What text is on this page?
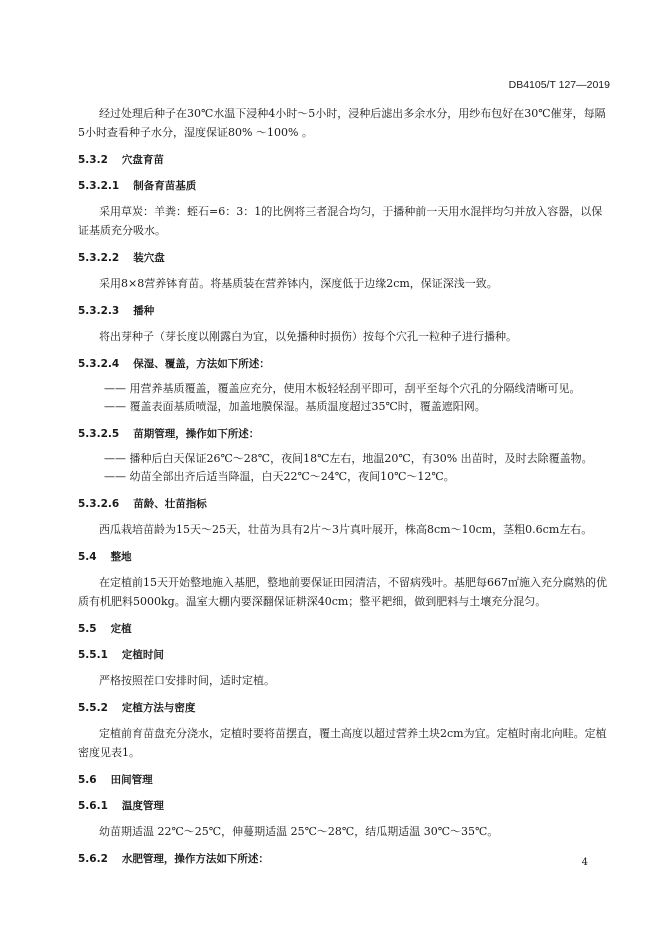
DB4105/T 127—2019

经过处理后种子在30℃水温下浸种4小时～5小时，浸种后滤出多余水分，用纱布包好在30℃催芽，每隔5小时查看种子水分，湿度保证80% ～100% 。

5.3.2 穴盘育苗
5.3.2.1 制备育苗基质

采用草炭：羊粪：蛭石=6：3：1的比例将三者混合均匀，于播种前一天用水混拌均匀并放入容器，以保证基质充分吸水。

5.3.2.2 装穴盘

采用8×8营养钵育苗。将基质装在营养钵内，深度低于边缘2cm，保证深浅一致。

5.3.2.3 播种

将出芽种子（芽长度以刚露白为宜，以免播种时损伤）按每个穴孔一粒种子进行播种。

5.3.2.4 保湿、覆盖，方法如下所述：

—— 用营养基质覆盖，覆盖应充分，使用木板轻轻刮平即可，刮平至每个穴孔的分隔线清晰可见。

—— 覆盖表面基质喷湿，加盖地膜保湿。基质温度超过35℃时，覆盖遮阳网。

5.3.2.5 苗期管理，操作如下所述：

—— 播种后白天保证26℃～28℃，夜间18℃左右，地温20℃，有30% 出苗时，及时去除覆盖物。

—— 幼苗全部出齐后适当降温，白天22℃～24℃，夜间10℃～12℃。

5.3.2.6 苗龄、壮苗指标

西瓜栽培苗龄为15天～25天，壮苗为具有2片～3片真叶展开，株高8cm～10cm，茎粗0.6cm左右。

5.4 整地

在定植前15天开始整地施入基肥，整地前要保证田园清洁，不留病残叶。基肥每667㎡施入充分腐熟的优质有机肥料5000kg。温室大棚内要深翻保证耕深40cm；整平耙细，做到肥料与土壤充分混匀。

5.5 定植
5.5.1 定植时间

严格按照茬口安排时间，适时定植。

5.5.2 定植方法与密度

定植前育苗盘充分浇水，定植时要将苗摆直，覆土高度以超过营养土块2cm为宜。定植时南北向畦。定植密度见表1。

5.6 田间管理
5.6.1 温度管理

幼苗期适温 22℃～25℃，伸蔓期适温 25℃～28℃，结瓜期适温 30℃～35℃。

5.6.2 水肥管理，操作方法如下所述：	4
